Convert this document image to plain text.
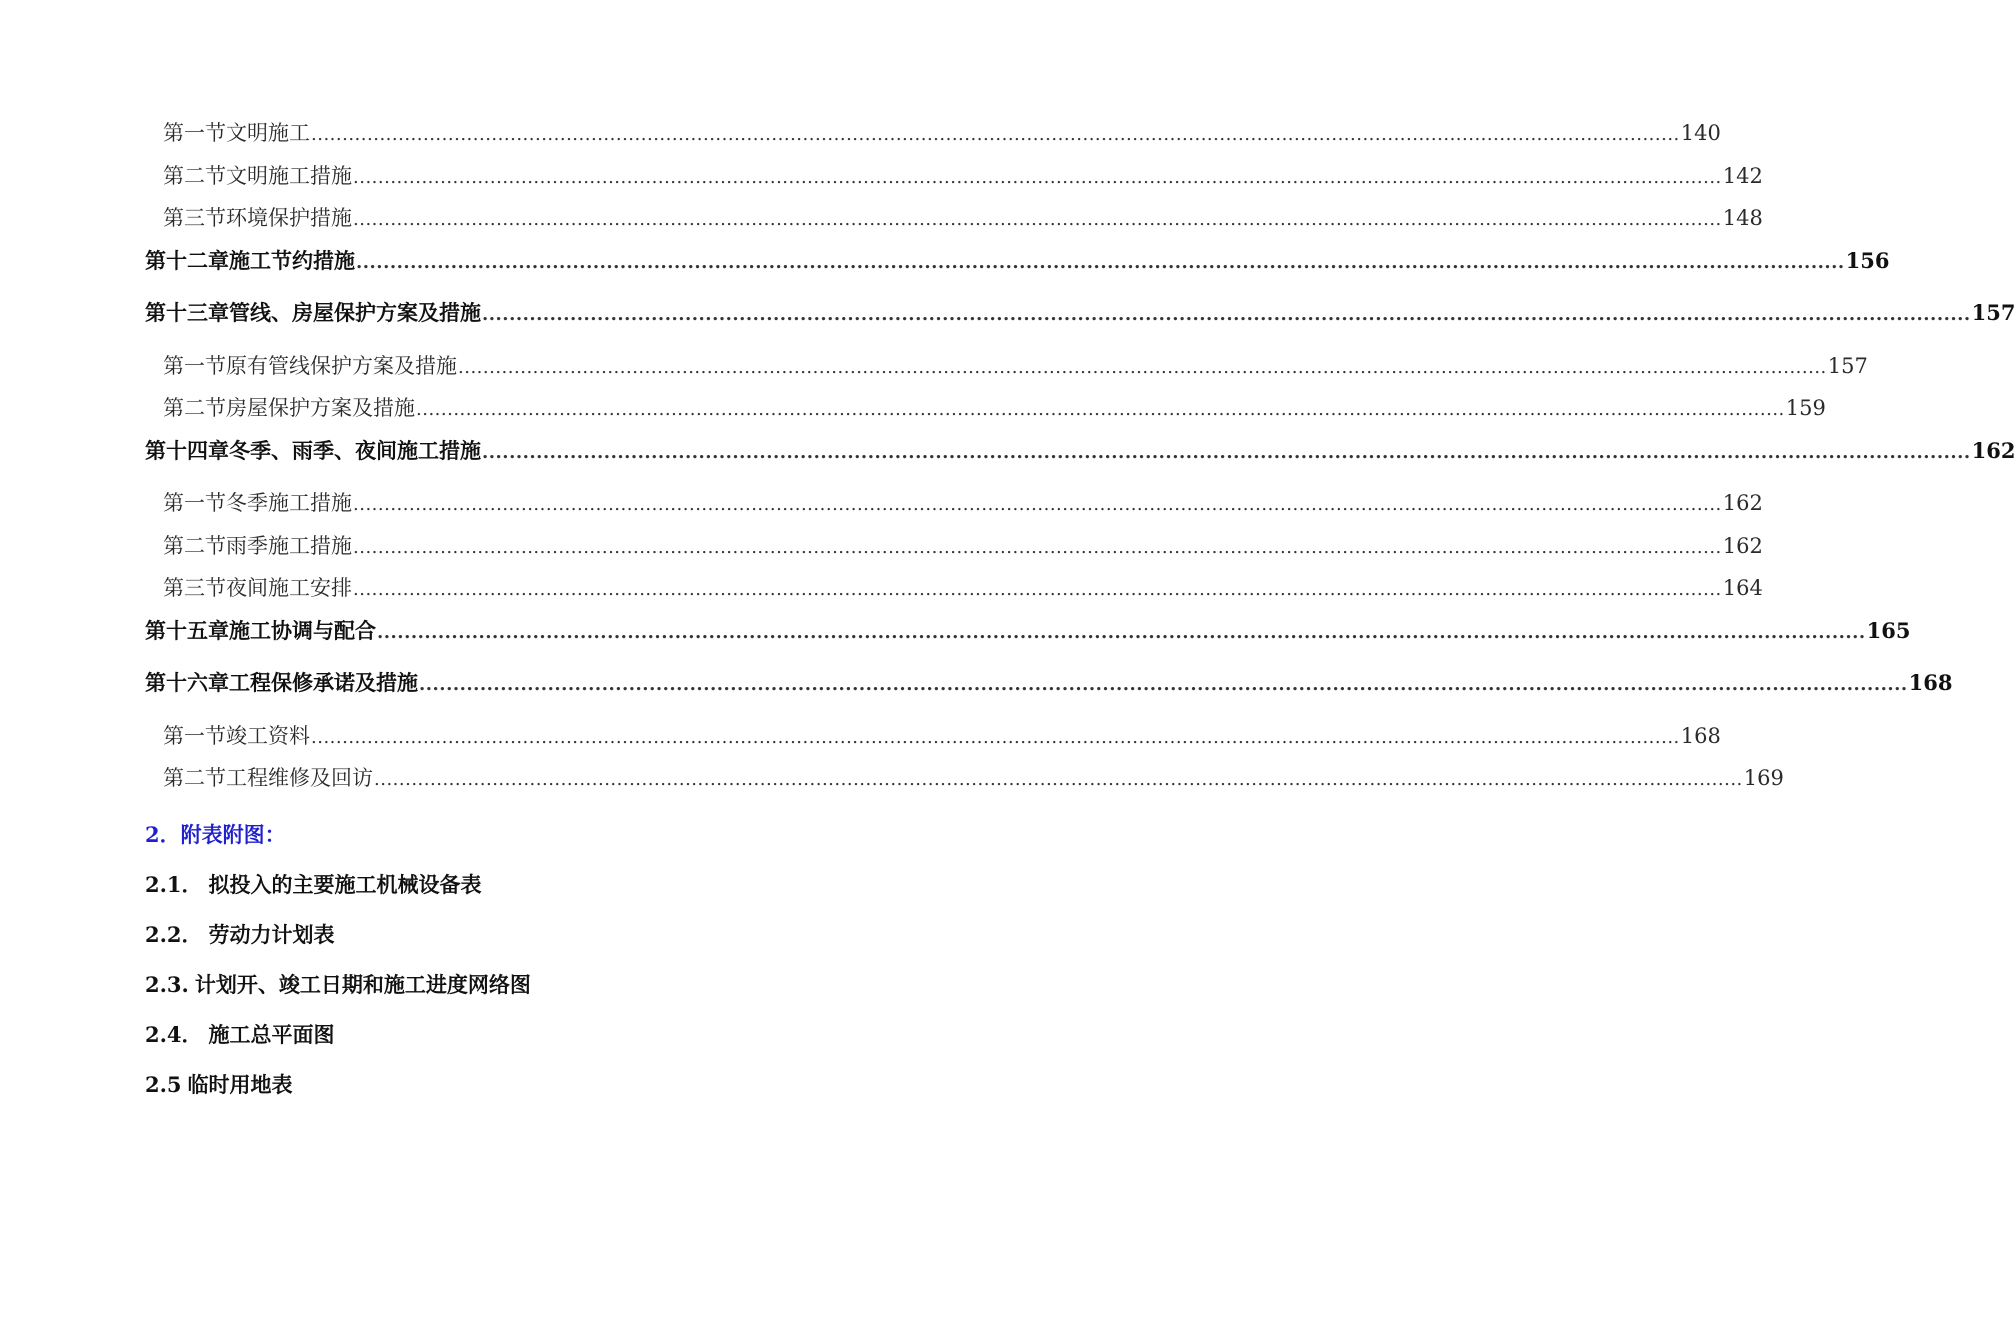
第一节 文明施工 ............................................................................................................................................................................................................................ 140
第二节 文明施工措施 ............................................................................................................................................................................................................................ 142
第三节 环境保护措施 ............................................................................................................................................................................................................................ 148
第十二章 施工节约措施 ............................................................................................................................................................................................................................ 156
第十三章 管线、房屋保护方案及措施 ............................................................................................................................................................................................................................ 157
第一节 原有管线保护方案及措施 ............................................................................................................................................................................................................................ 157
第二节 房屋保护方案及措施 ............................................................................................................................................................................................................................ 159
第十四章 冬季、雨季、夜间施工措施 ............................................................................................................................................................................................................................ 162
第一节 冬季施工措施 ............................................................................................................................................................................................................................ 162
第二节 雨季施工措施 ............................................................................................................................................................................................................................ 162
第三节 夜间施工安排 ............................................................................................................................................................................................................................ 164
第十五章 施工协调与配合 ............................................................................................................................................................................................................................ 165
第十六章 工程保修承诺及措施 ............................................................................................................................................................................................................................ 168
第一节 竣工资料 ............................................................................................................................................................................................................................ 168
第二节 工程维修及回访 ............................................................................................................................................................................................................................ 169
2．附表附图：
2.1． 拟投入的主要施工机械设备表
2.2． 劳动力计划表
2.3. 计划开、竣工日期和施工进度网络图
2.4． 施工总平面图
2.5 临时用地表
